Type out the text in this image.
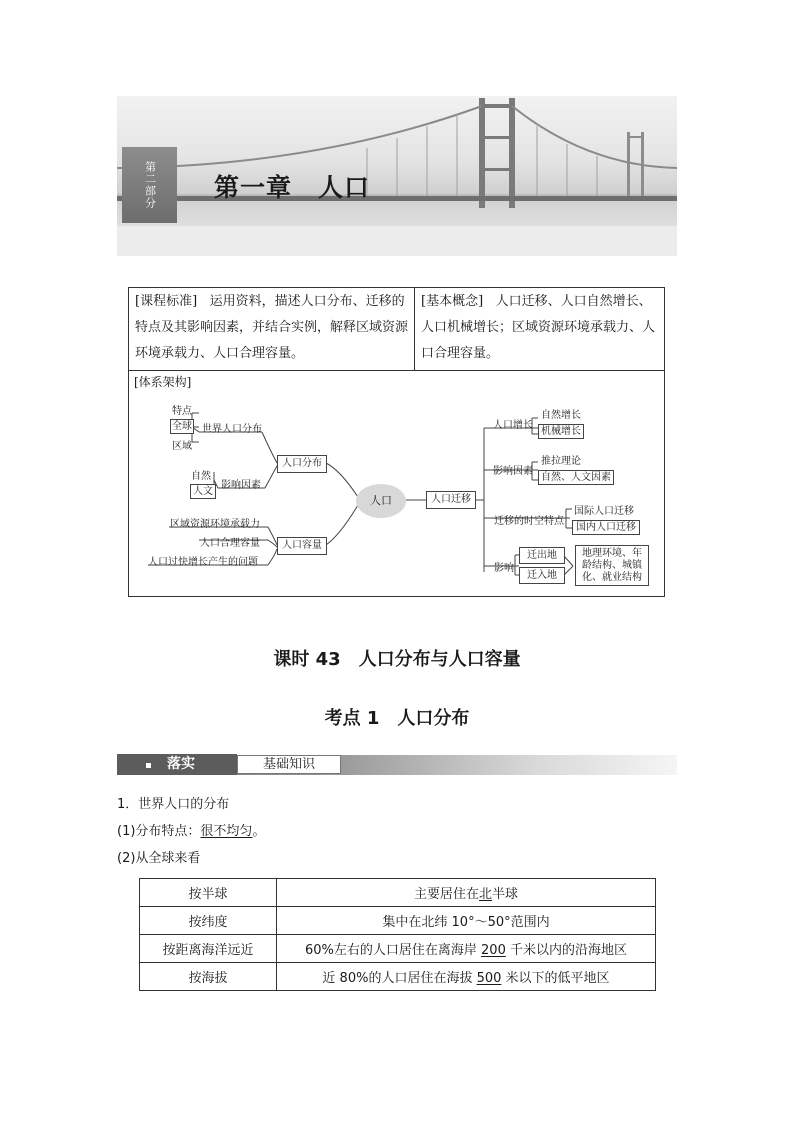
第二部分 第一章　人口
[课程标准] 运用资料，描述人口分布、迁移的特点及其影响因素，并结合实例，解释区域资源环境承载力、人口合理容量。
[基本概念] 人口迁移、人口自然增长、人口机械增长；区域资源环境承载力、人口合理容量。
[体系架构]
人口
人口分布
人口容量
特点
全球
区域
世界人口分布
自然
人文
影响因素
区域资源环境承载力
人口合理容量
人口过快增长产生的问题
人口迁移
人口增长
自然增长
机械增长
影响因素
推拉理论
自然、人文因素
迁移的时空特点
国际人口迁移
国内人口迁移
影响
迁出地
迁入地
地理环境、年龄结构、城镇化、就业结构
课时 43　人口分布与人口容量
考点 1　人口分布
落实	基础知识
1．世界人口的分布
(1)分布特点：很不均匀。
(2)从全球来看
按半球	主要居住在北半球
按纬度	集中在北纬 10°～50°范围内
按距离海洋远近	60%左右的人口居住在离海岸 200 千米以内的沿海地区
按海拔	近 80%的人口居住在海拔 500 米以下的低平地区
